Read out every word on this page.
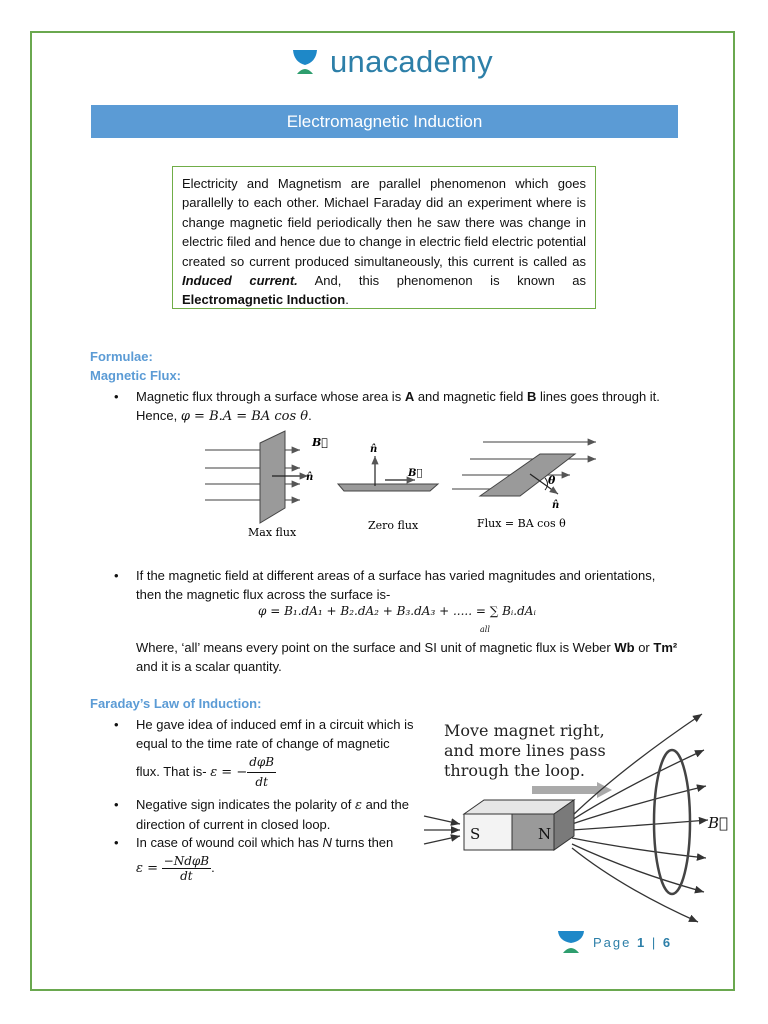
unacademy
Electromagnetic Induction
Electricity and Magnetism are parallel phenomenon which goes parallelly to each other. Michael Faraday did an experiment where is change magnetic field periodically then he saw there was change in electric filed and hence due to change in electric field electric potential created so current produced simultaneously, this current is called as Induced current. And, this phenomenon is known as Electromagnetic Induction.
Formulae:
Magnetic Flux:
• Magnetic flux through a surface whose area is A and magnetic field B lines goes through it. Hence, φ = B.A = BA cos θ.
B⃗
n̂
Max flux
n̂
B⃗
Zero flux
θ
n̂
Flux = BA cos θ
• If the magnetic field at different areas of a surface has varied magnitudes and orientations, then the magnetic flux across the surface is-
φ = B₁.dA₁ + B₂.dA₂ + B₃.dA₃ + ..... = ∑ Bᵢ.dAᵢ
all
Where, ‘all’ means every point on the surface and SI unit of magnetic flux is Weber Wb or Tm² and it is a scalar quantity.
Faraday’s Law of Induction:
• He gave idea of induced emf in a circuit which is equal to the time rate of change of magnetic flux. That is- ε = − $\frac{\text{dφB}}{dt}$
• Negative sign indicates the polarity of ε and the direction of current in closed loop.
• In case of wound coil which has N turns then
$\varepsilon = \frac{\text{−NdφB}}{dt}$ .
Move magnet right,
and more lines pass
through the loop.
S	N
B⃗
Page 1 | 6
